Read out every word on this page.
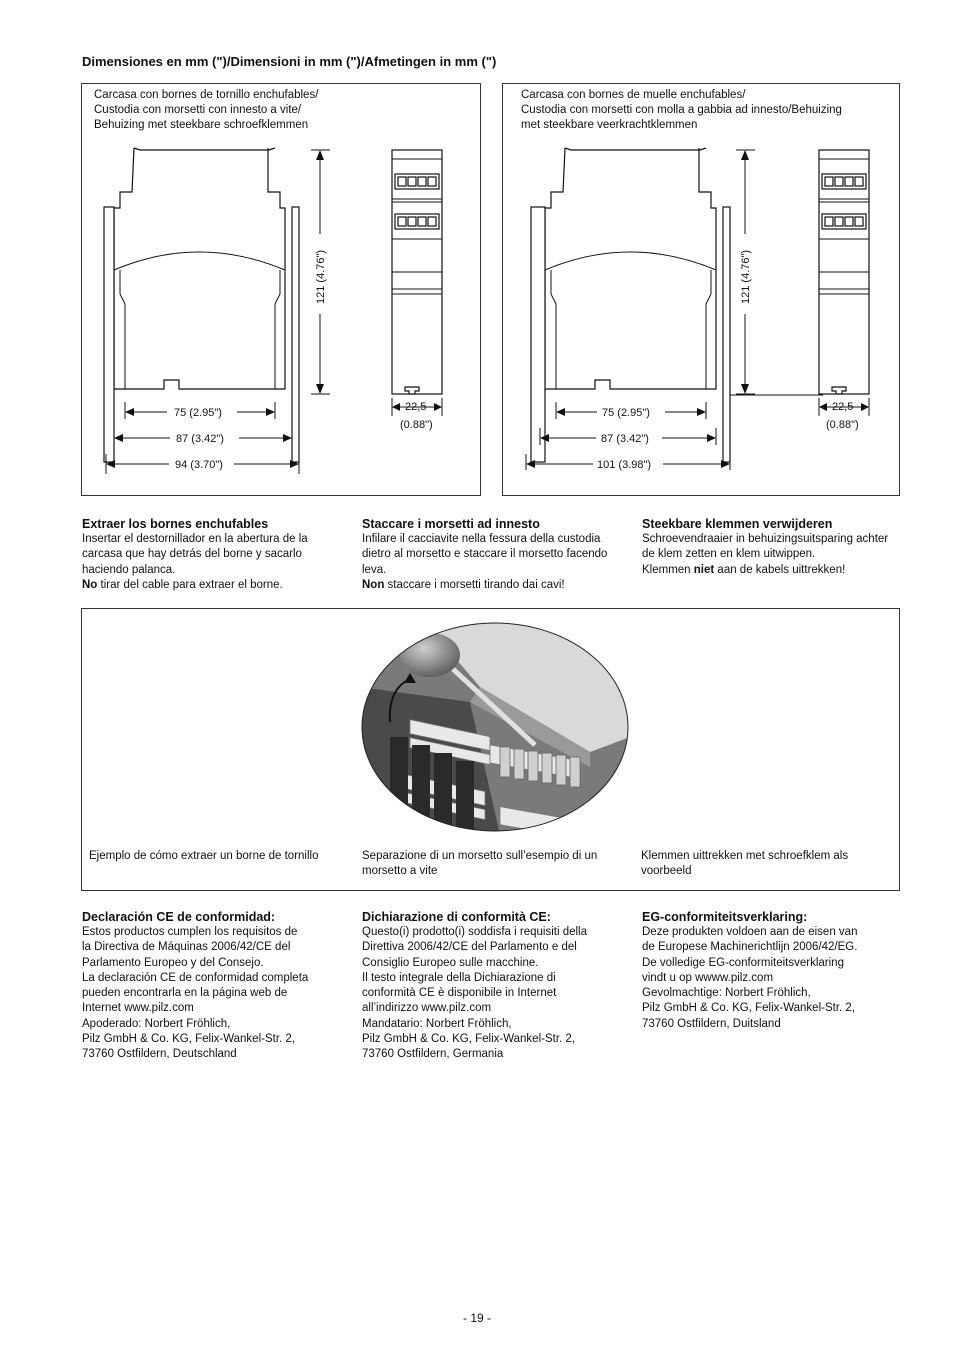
Dimensiones en mm (")/Dimensioni in mm (")/Afmetingen in mm (")
Carcasa con bornes de tornillo enchufables/
Custodia con morsetti con innesto a vite/
Behuizing met steekbare schroefklemmen
121 (4.76")
75 (2.95")
87 (3.42")
94 (3.70")
22,5
(0.88")
Carcasa con bornes de muelle enchufables/
Custodia con morsetti con molla a gabbia ad innesto/Behuizing
met steekbare veerkrachtklemmen
121 (4.76")
75 (2.95")
87 (3.42")
101 (3.98")
22,5
(0.88")
Extraer los bornes enchufables

Insertar el destornillador en la abertura de la carcasa que hay detrás del borne y sacarlo haciendo palanca.

No tirar del cable para extraer el borne.

Staccare i morsetti ad innesto

Infilare il cacciavite nella fessura della custodia dietro al morsetto e staccare il morsetto facendo leva.

Non staccare i morsetti tirando dai cavi!

Steekbare klemmen verwijderen

Schroevendraaier in behuizingsuitsparing achter de klem zetten en klem uitwippen.

Klemmen niet aan de kabels uittrekken!

Ejemplo de cómo extraer un borne de tornillo	Separazione di un morsetto sull’esempio di un morsetto a vite
Klemmen uittrekken met schroefklem als voorbeeld
Declaración CE de conformidad:
Estos productos cumplen los requisitos de
la Directiva de Máquinas 2006/42/CE del
Parlamento Europeo y del Consejo.
La declaración CE de conformidad completa
pueden encontrarla en la página web de
Internet www.pilz.com
Apoderado: Norbert Fröhlich,
Pilz GmbH & Co. KG, Felix-Wankel-Str. 2,
73760 Ostfildern, Deutschland
Dichiarazione di conformità CE:
Questo(i) prodotto(i) soddisfa i requisiti della
Direttiva 2006/42/CE del Parlamento e del
Consiglio Europeo sulle macchine.
Il testo integrale della Dichiarazione di
conformità CE è disponibile in Internet
all’indirizzo www.pilz.com
Mandatario: Norbert Fröhlich,
Pilz GmbH & Co. KG, Felix-Wankel-Str. 2,
73760 Ostfildern, Germania
EG-conformiteitsverklaring:
Deze produkten voldoen aan de eisen van
de Europese Machinerichtlijn 2006/42/EG.
De volledige EG-conformiteitsverklaring
vindt u op wwww.pilz.com
Gevolmachtige: Norbert Fröhlich,
Pilz GmbH & Co. KG, Felix-Wankel-Str. 2,
73760 Ostfildern, Duitsland
- 19 -
